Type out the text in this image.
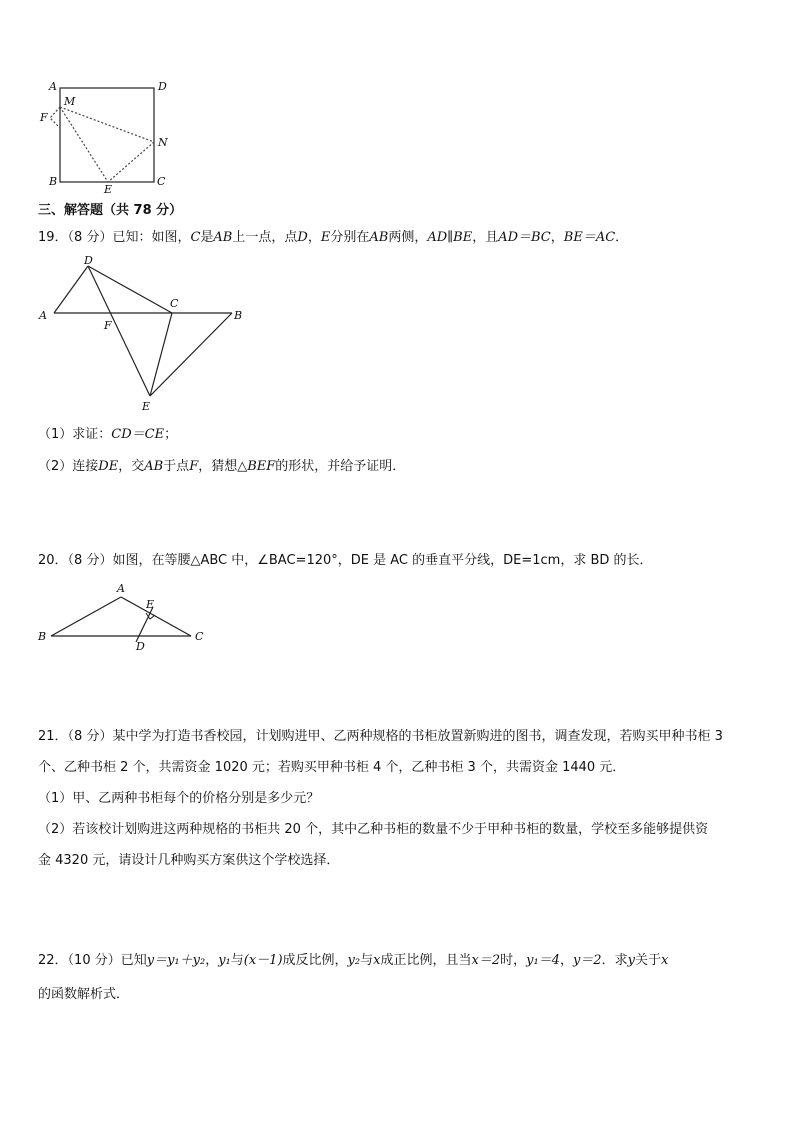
A	D
M
F
N
B
E
C
三、解答题（共 78 分）
19．（8 分）已知：如图，C是AB上一点，点D，E分别在AB两侧，AD∥BE，且AD＝BC，BE＝AC．
D
C
A
F
B
E
（1）求证：CD＝CE；
（2）连接DE，交AB于点F，猜想△BEF的形状，并给予证明．
20．（8 分）如图，在等腰△ABC 中，∠BAC=120°，DE 是 AC 的垂直平分线，DE=1cm，求 BD 的长．
A
E
B
D
C
21．（8 分）某中学为打造书香校园，计划购进甲、乙两种规格的书柜放置新购进的图书，调查发现，若购买甲种书柜 3
个、乙种书柜 2 个，共需资金 1020 元；若购买甲种书柜 4 个，乙种书柜 3 个，共需资金 1440 元．
（1）甲、乙两种书柜每个的价格分别是多少元？
（2）若该校计划购进这两种规格的书柜共 20 个，其中乙种书柜的数量不少于甲种书柜的数量，学校至多能够提供资
金 4320 元，请设计几种购买方案供这个学校选择．
22．（10 分）已知y＝y₁＋y₂，y₁与(x－1)成反比例，y₂与x成正比例，且当x＝2时，y₁＝4，y＝2．求y关于x
的函数解析式．
